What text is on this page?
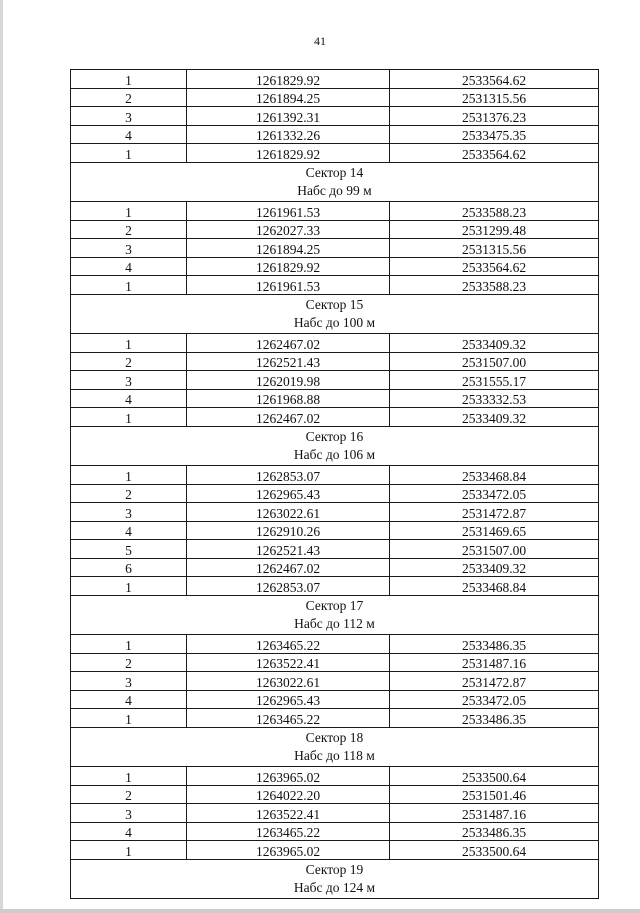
41
1	1261829.92	2533564.62
2	1261894.25	2531315.56
3	1261392.31	2531376.23
4	1261332.26	2533475.35
1	1261829.92	2533564.62

Сектор 14
Набс до 99 м		

1	1261961.53	2533588.23
2	1262027.33	2531299.48
3	1261894.25	2531315.56
4	1261829.92	2533564.62
1	1261961.53	2533588.23

Сектор 15
Набс до 100 м		

1	1262467.02	2533409.32
2	1262521.43	2531507.00
3	1262019.98	2531555.17
4	1261968.88	2533332.53
1	1262467.02	2533409.32

Сектор 16
Набс до 106 м		

1	1262853.07	2533468.84
2	1262965.43	2533472.05
3	1263022.61	2531472.87
4	1262910.26	2531469.65
5	1262521.43	2531507.00
6	1262467.02	2533409.32
1	1262853.07	2533468.84

Сектор 17
Набс до 112 м		

1	1263465.22	2533486.35
2	1263522.41	2531487.16
3	1263022.61	2531472.87
4	1262965.43	2533472.05
1	1263465.22	2533486.35

Сектор 18
Набс до 118 м		

1	1263965.02	2533500.64
2	1264022.20	2531501.46
3	1263522.41	2531487.16
4	1263465.22	2533486.35
1	1263965.02	2533500.64

Сектор 19
Набс до 124 м		
